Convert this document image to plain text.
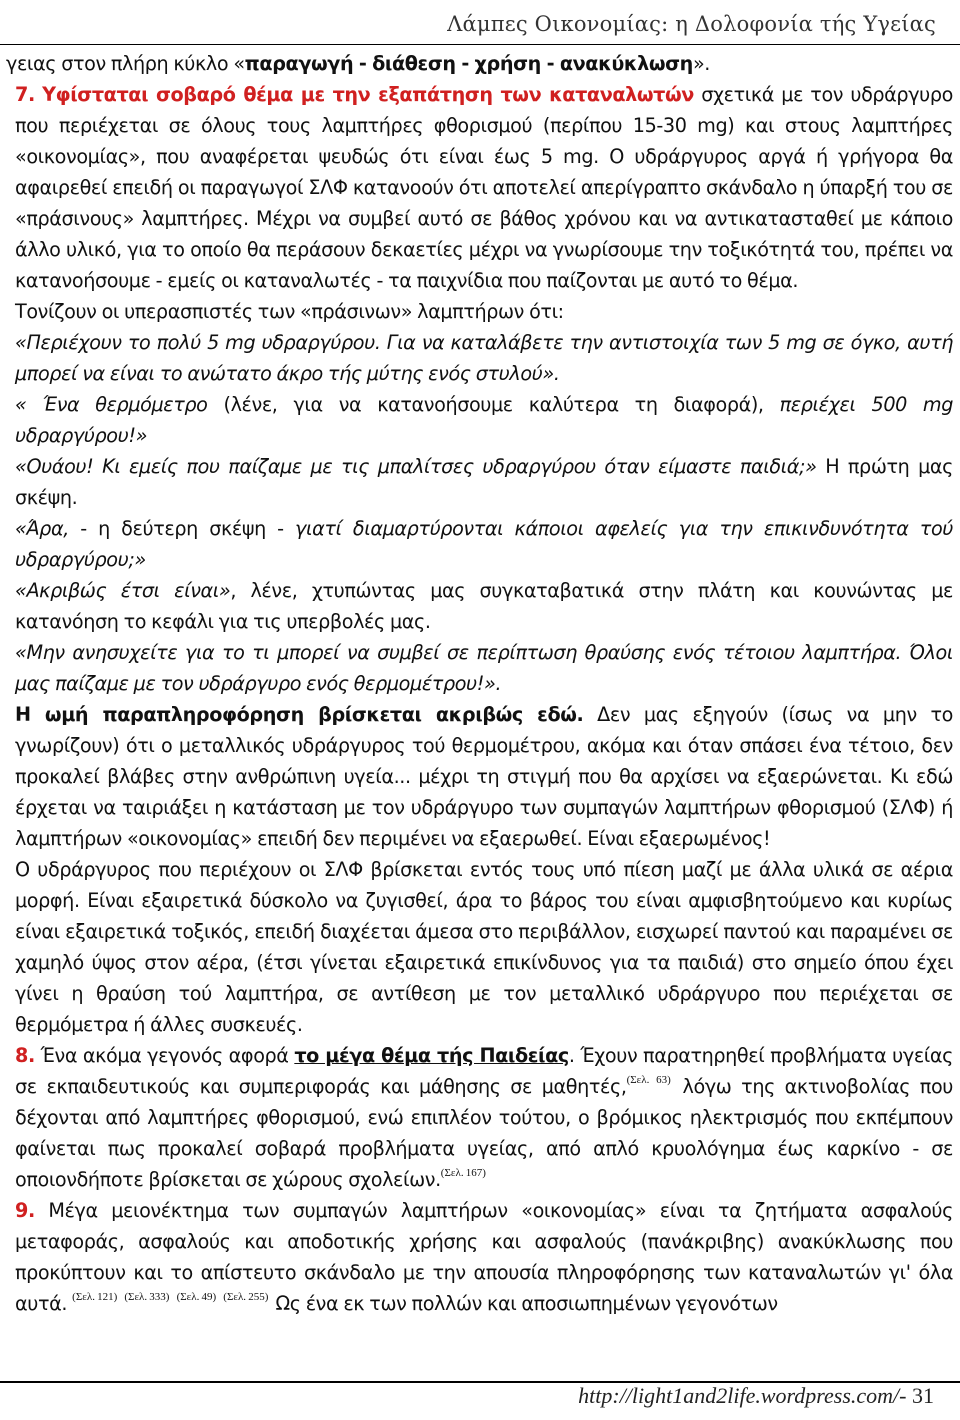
Λάμπες Οικονομίας: η Δολοφονία τής Υγείας

γειας στον πλήρη κύκλο «παραγωγή - διάθεση - χρήση - ανακύκλωση».

7. Υφίσταται σοβαρό θέμα με την εξαπάτηση των καταναλωτών σχετικά με τον υδράργυρο που περιέχεται σε όλους τους λαμπτήρες φθορισμού (περίπου 15-30 mg) και στους λαμπτήρες «οικονομίας», που αναφέρεται ψευδώς ότι είναι έως 5 mg. Ο υδράργυρος αργά ή γρήγορα θα αφαιρεθεί επειδή οι παραγωγοί ΣΛΦ κατανοούν ότι αποτελεί απερίγραπτο σκάνδαλο η ύπαρξή του σε «πράσινους» λαμπτήρες. Μέχρι να συμβεί αυτό σε βάθος χρόνου και να αντικατασταθεί με κάποιο άλλο υλικό, για το οποίο θα περάσουν δεκαετίες μέχρι να γνωρίσουμε την τοξικότητά του, πρέπει να κατανοήσουμε - εμείς οι καταναλωτές - τα παιχνίδια που παίζονται με αυτό το θέμα.

Τονίζουν οι υπερασπιστές των «πράσινων» λαμπτήρων ότι:

«Περιέχουν το πολύ 5 mg υδραργύρου. Για να καταλάβετε την αντιστοιχία των 5 mg σε όγκο, αυτή μπορεί να είναι το ανώτατο άκρο τής μύτης ενός στυλού».

« Ένα θερμόμετρο (λένε, για να κατανοήσουμε καλύτερα τη διαφορά), περιέχει 500 mg υδραργύρου!»

«Ουάου! Κι εμείς που παίζαμε με τις μπαλίτσες υδραργύρου όταν είμαστε παιδιά;» Η πρώτη μας σκέψη.

«Άρα, - η δεύτερη σκέψη - γιατί διαμαρτύρονται κάποιοι αφελείς για την επικινδυνότητα τού υδραργύρου;»

«Ακριβώς έτσι είναι», λένε, χτυπώντας μας συγκαταβατικά στην πλάτη και κουνώντας με κατανόηση το κεφάλι για τις υπερβολές μας.

«Μην ανησυχείτε για το τι μπορεί να συμβεί σε περίπτωση θραύσης ενός τέτοιου λαμπτήρα. Όλοι μας παίζαμε με τον υδράργυρο ενός θερμομέτρου!».

Η ωμή παραπληροφόρηση βρίσκεται ακριβώς εδώ. Δεν μας εξηγούν (ίσως να μην το γνωρίζουν) ότι ο μεταλλικός υδράργυρος τού θερμομέτρου, ακόμα και όταν σπάσει ένα τέτοιο, δεν προκαλεί βλάβες στην ανθρώπινη υγεία... μέχρι τη στιγμή που θα αρχίσει να εξαερώνεται. Κι εδώ έρχεται να ταιριάξει η κατάσταση με τον υδράργυρο των συμπαγών λαμπτήρων φθορισμού (ΣΛΦ) ή λαμπτήρων «οικονομίας» επειδή δεν περιμένει να εξαερωθεί. Είναι εξαερωμένος!

Ο υδράργυρος που περιέχουν οι ΣΛΦ βρίσκεται εντός τους υπό πίεση μαζί με άλλα υλικά σε αέρια μορφή. Είναι εξαιρετικά δύσκολο να ζυγισθεί, άρα το βάρος του είναι αμφισβητούμενο και κυρίως είναι εξαιρετικά τοξικός, επειδή διαχέεται άμεσα στο περιβάλλον, εισχωρεί παντού και παραμένει σε χαμηλό ύψος στον αέρα, (έτσι γίνεται εξαιρετικά επικίνδυνος για τα παιδιά) στο σημείο όπου έχει γίνει η θραύση τού λαμπτήρα, σε αντίθεση με τον μεταλλικό υδράργυρο που περιέχεται σε θερμόμετρα ή άλλες συσκευές.

8. Ένα ακόμα γεγονός αφορά το μέγα θέμα τής Παιδείας. Έχουν παρατηρηθεί προβλήματα υγείας σε εκπαιδευτικούς και συμπεριφοράς και μάθησης σε μαθητές,$^{(\Sigma\varepsilon\lambda. 63)}$ λόγω της ακτινοβολίας που δέχονται από λαμπτήρες φθορισμού, ενώ επιπλέον τούτου, ο βρόμικος ηλεκτρισμός που εκπέμπουν φαίνεται πως προκαλεί σοβαρά προβλήματα υγείας, από απλό κρυολόγημα έως καρκίνο - σε οποιονδήποτε βρίσκεται σε χώρους σχολείων.$^{(\Sigma\varepsilon\lambda. 167)}$

9. Μέγα μειονέκτημα των συμπαγών λαμπτήρων «οικονομίας» είναι τα ζητήματα ασφαλούς μεταφοράς, ασφαλούς και αποδοτικής χρήσης και ασφαλούς (πανάκριβης) ανακύκλωσης που προκύπτουν και το απίστευτο σκάνδαλο με την απουσία πληροφόρησης των καταναλωτών γι' όλα αυτά. $^{(\Sigma\varepsilon\lambda. 121)}$ $^{(\Sigma\varepsilon\lambda. 333)}$ $^{(\Sigma\varepsilon\lambda. 49)}$ $^{(\Sigma\varepsilon\lambda. 255)}$ Ως ένα εκ των πολλών και αποσιωπημένων γεγονότων

http://light1and2life.wordpress.com/- 31
